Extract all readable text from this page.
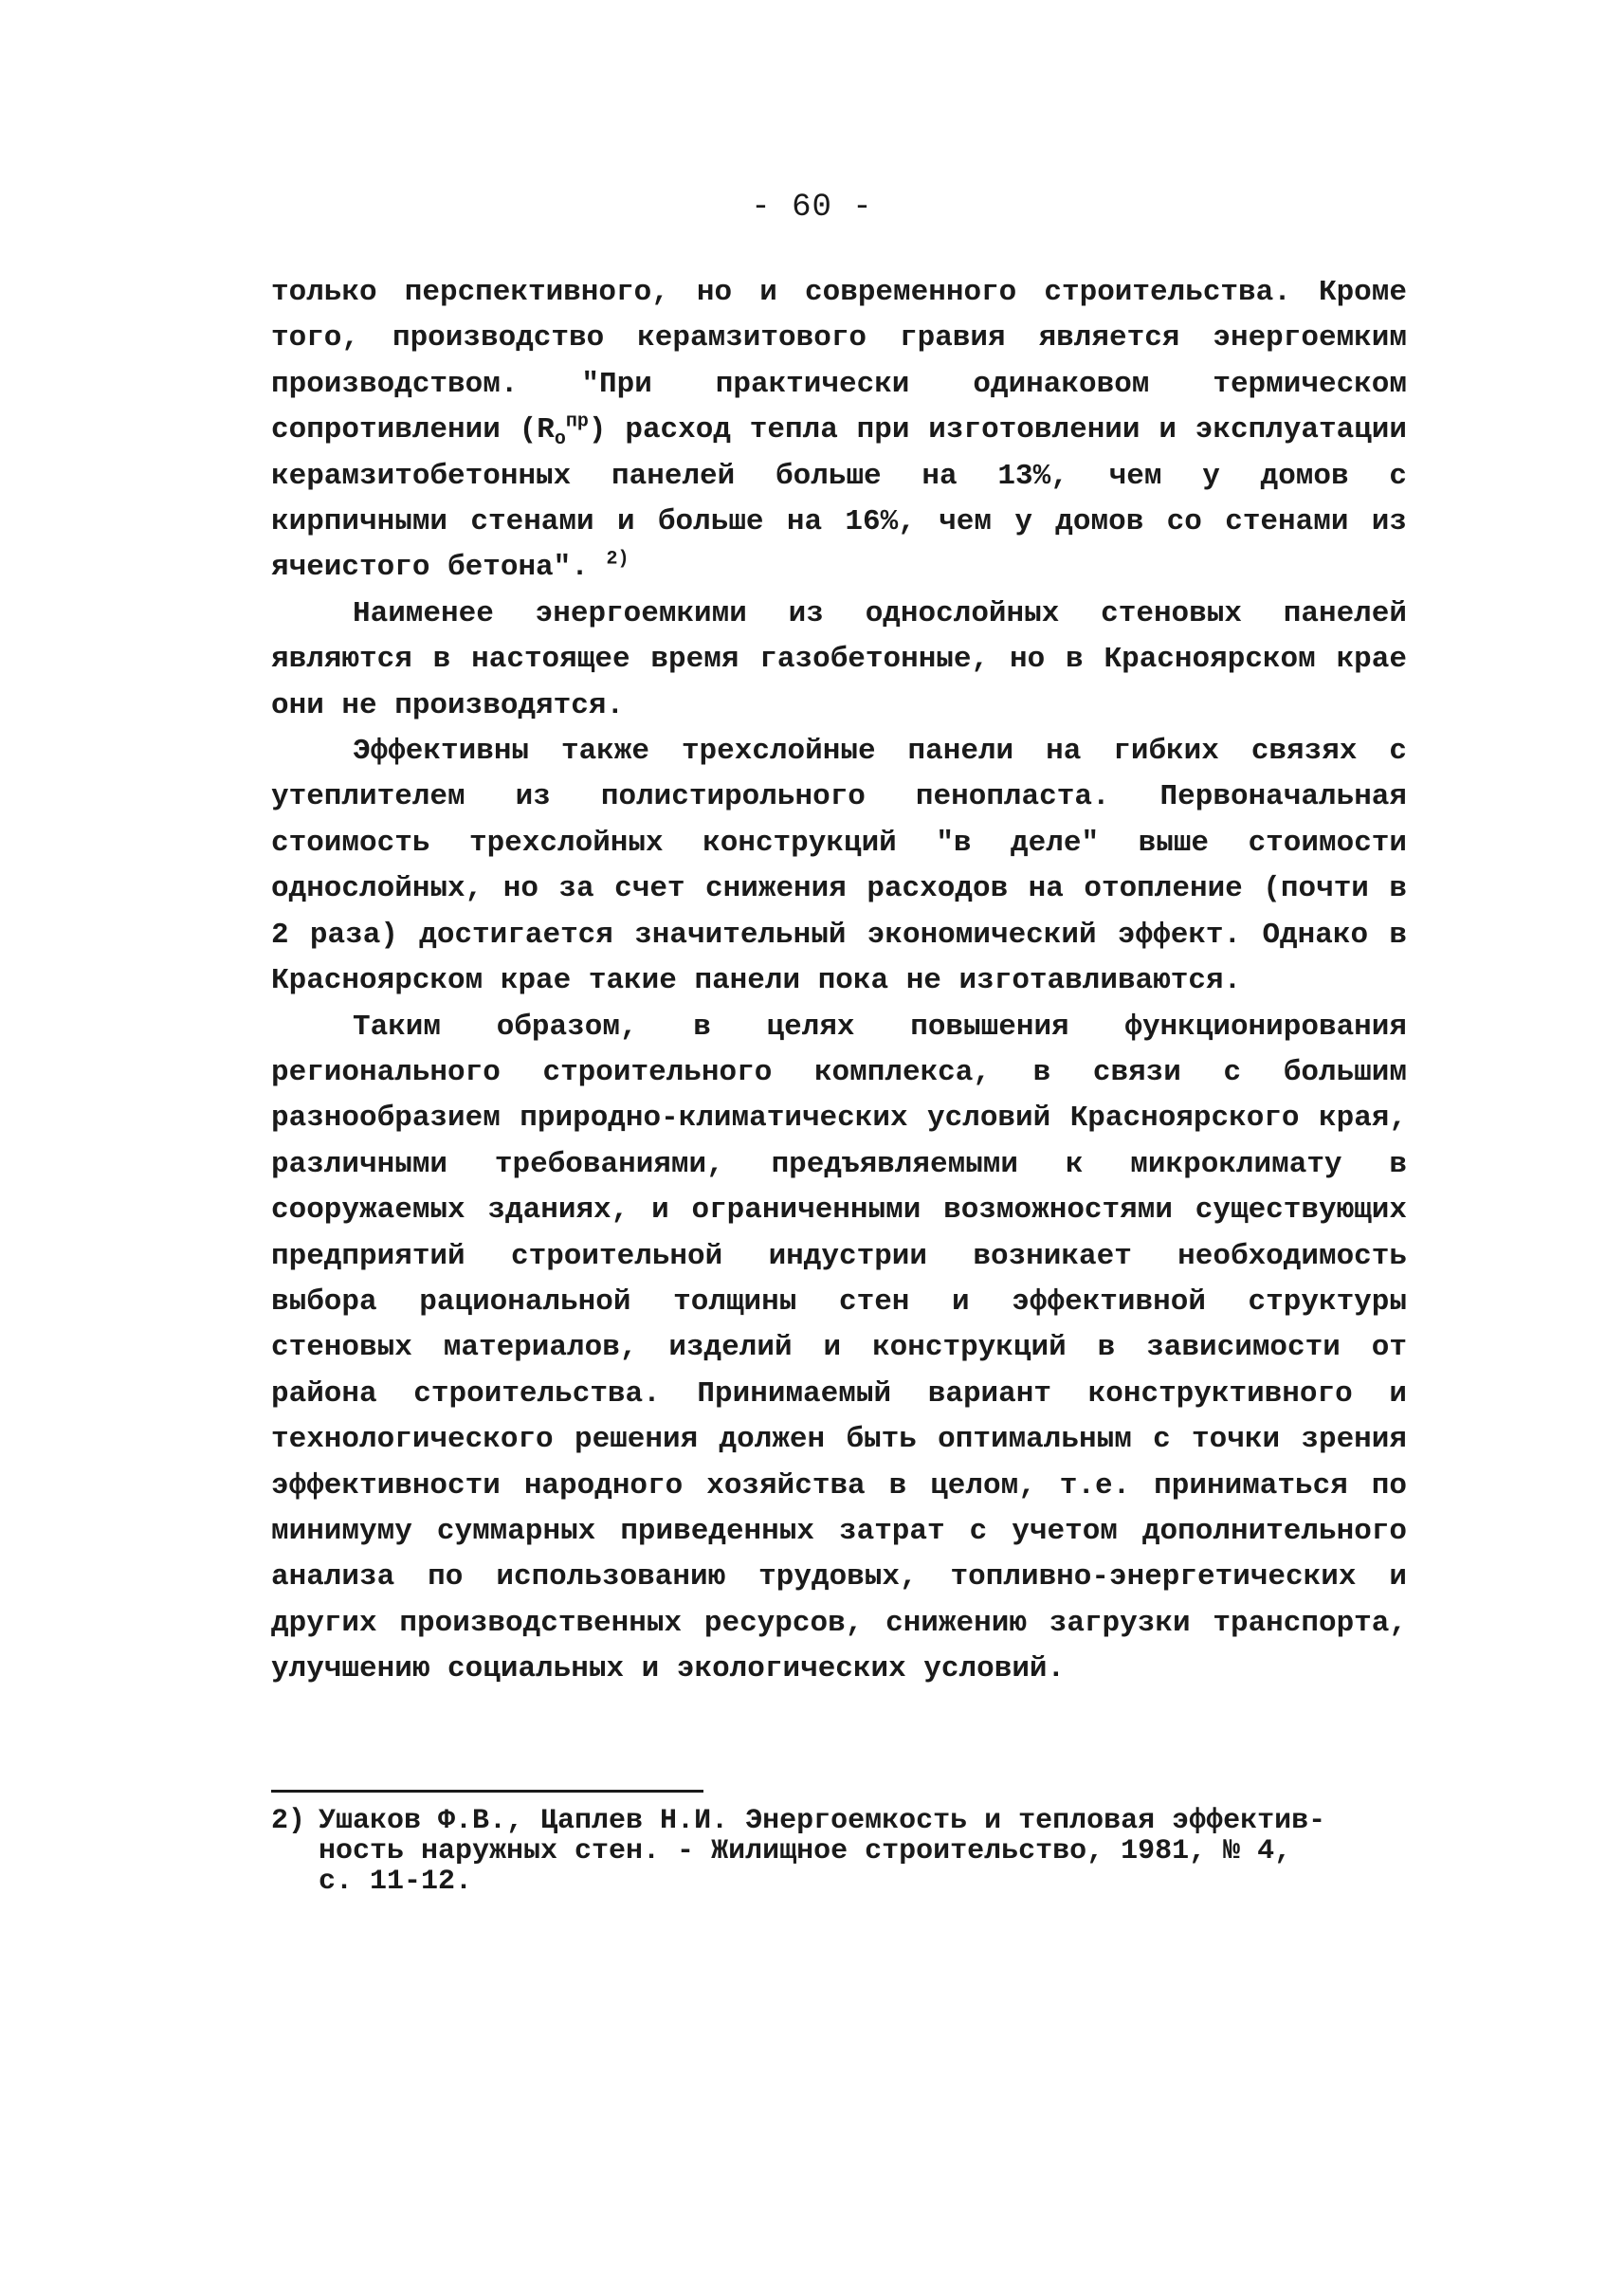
- 60 -

только перспективного, но и современного строительства. Кроме того, производство керамзитового гравия является энергоемким производством. "При практически одинаковом термическом сопротивлении $(R_о^{пр})$ расход тепла при изготовлении и эксплуатации керамзитобетонных панелей больше на 13%, чем у домов с кирпичными стенами и больше на 16%, чем у домов со стенами из ячеистого бетона". $^{2)}$

Наименее энергоемкими из однослойных стеновых панелей являются в настоящее время газобетонные, но в Красноярском крае они не производятся.

Эффективны также трехслойные панели на гибких связях с утеплителем из полистирольного пенопласта. Первоначальная стоимость трехслойных конструкций "в деле" выше стоимости однослойных, но за счет снижения расходов на отопление (почти в 2 раза) достигается значительный экономический эффект. Однако в Красноярском крае такие панели пока не изготавливаются.

Таким образом, в целях повышения функционирования регионального строительного комплекса, в связи с большим разнообразием природно-климатических условий Красноярского края, различными требованиями, предъявляемыми к микроклимату в сооружаемых зданиях, и ограниченными возможностями существующих предприятий строительной индустрии возникает необходимость выбора рациональной толщины стен и эффективной структуры стеновых материалов, изделий и конструкций в зависимости от района строительства. Принимаемый вариант конструктивного и технологического решения должен быть оптимальным с точки зрения эффективности народного хозяйства в целом, т.е. приниматься по минимуму суммарных приведенных затрат с учетом дополнительного анализа по использованию трудовых, топливно-энергетических и других производственных ресурсов, снижению загрузки транспорта, улучшению социальных и экологических условий.

2) Ушаков Ф.В., Цаплев Н.И. Энергоемкость и тепловая эффектив-
ность наружных стен. - Жилищное строительство, 1981, № 4,
с. 11-12.
